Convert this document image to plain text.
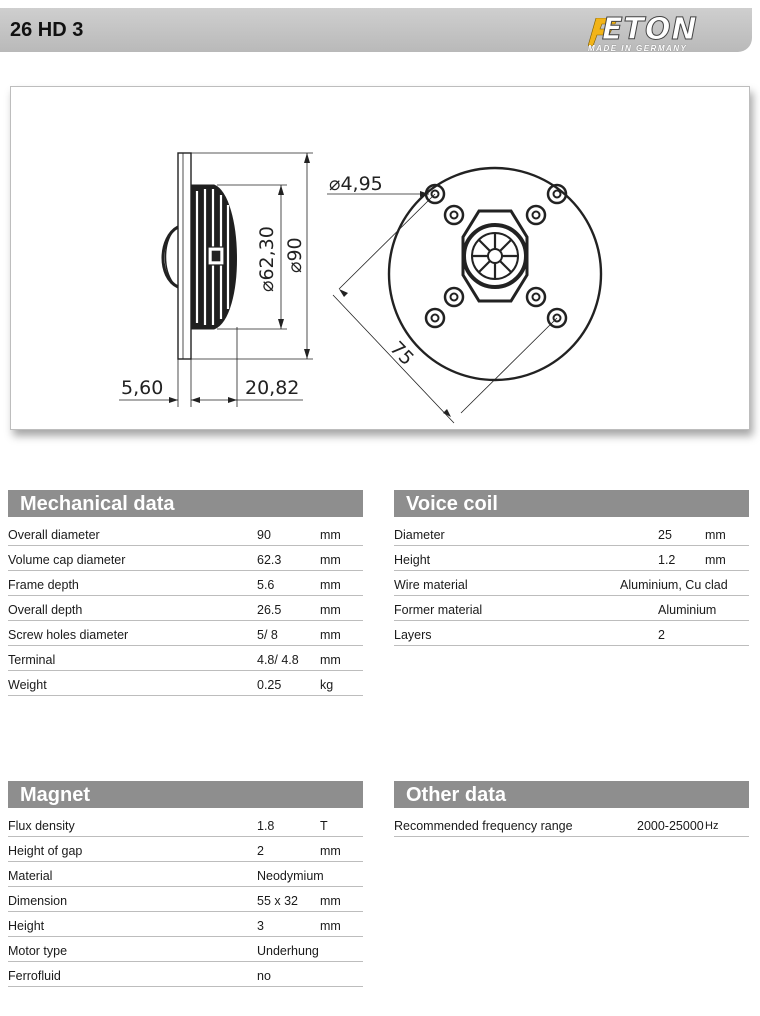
26 HD 3	ETON
MADE IN GERMANY
⌀62,30 ⌀90
5,60	20,82
⌀4,95
75
Mechanical data
Overall diameter	90	mm
Volume cap diameter	62.3	mm
Frame depth	5.6	mm
Overall depth	26.5	mm
Screw holes diameter	5/ 8	mm
Terminal	4.8/ 4.8 mm
Weight	0.25	kg
Voice coil
Diameter	25	mm
Height	1.2 mm
Wire material	Aluminium, Cu clad
Former material	Aluminium
Layers	2
Magnet
Flux density	1.8	T
Height of gap	2	mm
Material	Neodymium
Dimension	55 x 32 mm
Height	3	mm
Motor type	Underhung
Ferrofluid	no
Other data
Recommended frequency range	2000-25000 Hz
